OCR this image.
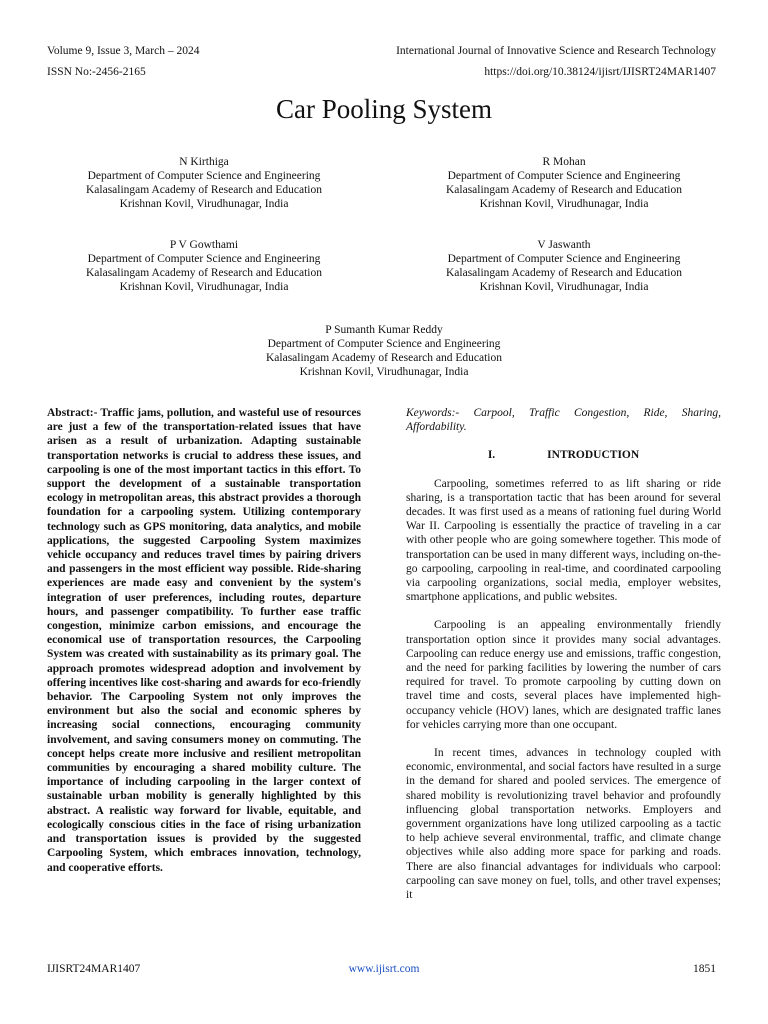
Volume 9, Issue 3, March – 2024	International Journal of Innovative Science and Research Technology
ISSN No:-2456-2165	https://doi.org/10.38124/ijisrt/IJISRT24MAR1407
Car Pooling System
N Kirthiga
Department of Computer Science and Engineering
Kalasalingam Academy of Research and Education
Krishnan Kovil, Virudhunagar, India
R Mohan
Department of Computer Science and Engineering
Kalasalingam Academy of Research and Education
Krishnan Kovil, Virudhunagar, India
P V Gowthami
Department of Computer Science and Engineering
Kalasalingam Academy of Research and Education
Krishnan Kovil, Virudhunagar, India
V Jaswanth
Department of Computer Science and Engineering
Kalasalingam Academy of Research and Education
Krishnan Kovil, Virudhunagar, India
P Sumanth Kumar Reddy
Department of Computer Science and Engineering
Kalasalingam Academy of Research and Education
Krishnan Kovil, Virudhunagar, India
Abstract:- Traffic jams, pollution, and wasteful use of resources are just a few of the transportation-related issues that have arisen as a result of urbanization. Adapting sustainable transportation networks is crucial to address these issues, and carpooling is one of the most important tactics in this effort. To support the development of a sustainable transportation ecology in metropolitan areas, this abstract provides a thorough foundation for a carpooling system. Utilizing contemporary technology such as GPS monitoring, data analytics, and mobile applications, the suggested Carpooling System maximizes vehicle occupancy and reduces travel times by pairing drivers and passengers in the most efficient way possible. Ride-sharing experiences are made easy and convenient by the system's integration of user preferences, including routes, departure hours, and passenger compatibility. To further ease traffic congestion, minimize carbon emissions, and encourage the economical use of transportation resources, the Carpooling System was created with sustainability as its primary goal. The approach promotes widespread adoption and involvement by offering incentives like cost-sharing and awards for eco-friendly behavior. The Carpooling System not only improves the environment but also the social and economic spheres by increasing social connections, encouraging community involvement, and saving consumers money on commuting. The concept helps create more inclusive and resilient metropolitan communities by encouraging a shared mobility culture. The importance of including carpooling in the larger context of sustainable urban mobility is generally highlighted by this abstract. A realistic way forward for livable, equitable, and ecologically conscious cities in the face of rising urbanization and transportation issues is provided by the suggested Carpooling System, which embraces innovation, technology, and cooperative efforts.

Keywords:- Carpool, Traffic Congestion, Ride, Sharing, Affordability.

I.	INTRODUCTION

Carpooling, sometimes referred to as lift sharing or ride sharing, is a transportation tactic that has been around for several decades. It was first used as a means of rationing fuel during World War II. Carpooling is essentially the practice of traveling in a car with other people who are going somewhere together. This mode of transportation can be used in many different ways, including on-the-go carpooling, carpooling in real-time, and coordinated carpooling via carpooling organizations, social media, employer websites, smartphone applications, and public websites.

Carpooling is an appealing environmentally friendly transportation option since it provides many social advantages. Carpooling can reduce energy use and emissions, traffic congestion, and the need for parking facilities by lowering the number of cars required for travel. To promote carpooling by cutting down on travel time and costs, several places have implemented high-occupancy vehicle (HOV) lanes, which are designated traffic lanes for vehicles carrying more than one occupant.

In recent times, advances in technology coupled with economic, environmental, and social factors have resulted in a surge in the demand for shared and pooled services. The emergence of shared mobility is revolutionizing travel behavior and profoundly influencing global transportation networks. Employers and government organizations have long utilized carpooling as a tactic to help achieve several environmental, traffic, and climate change objectives while also adding more space for parking and roads. There are also financial advantages for individuals who carpool: carpooling can save money on fuel, tolls, and other travel expenses; it

IJISRT24MAR1407	www.ijisrt.com	1851
